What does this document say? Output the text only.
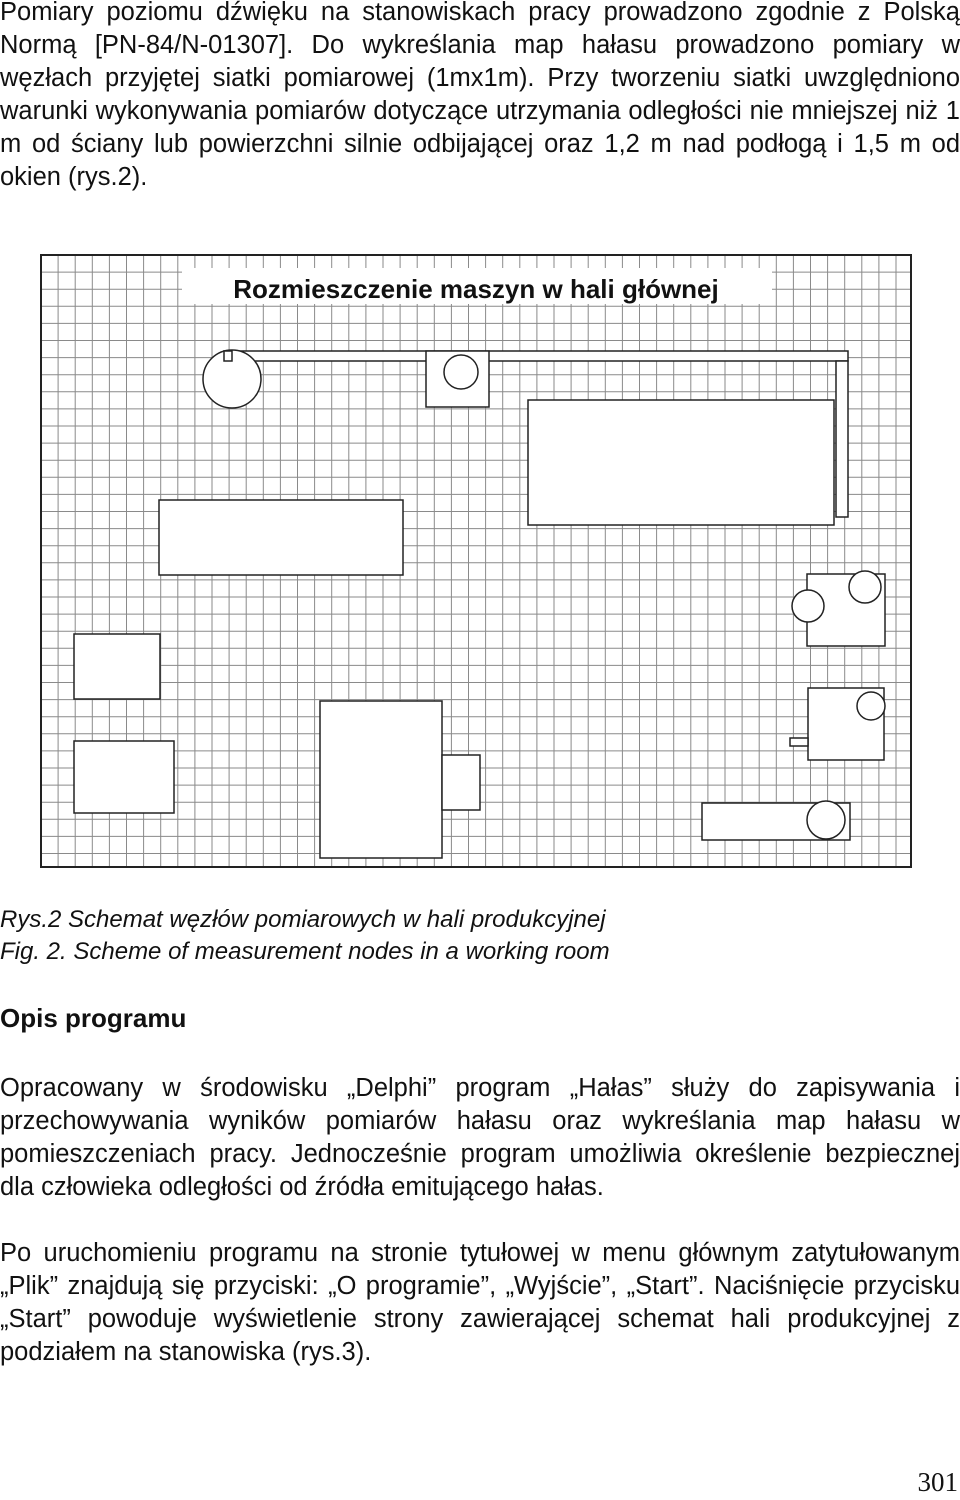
Pomiary poziomu dźwięku na stanowiskach pracy prowadzono zgodnie z Polską Normą [PN-84/N-01307]. Do wykreślania map hałasu prowadzono pomiary w węzłach przyjętej siatki pomiarowej (1mx1m). Przy tworzeniu siatki uwzględniono warunki wykonywania pomiarów dotyczące utrzymania odległości nie mniejszej niż 1 m od ściany lub powierzchni silnie odbijającej oraz 1,2 m nad podłogą i 1,5 m od okien (rys.2).

Rozmieszczenie maszyn w hali głównej

Rys.2 Schemat węzłów pomiarowych w hali produkcyjnej

Fig. 2. Scheme of measurement nodes in a working room

Opis programu

Opracowany w środowisku „Delphi” program „Hałas” służy do zapisywania i przechowywania wyników pomiarów hałasu oraz wykreślania map hałasu w pomieszczeniach pracy. Jednocześnie program umożliwia określenie bezpiecznej dla człowieka odległości od źródła emitującego hałas.

Po uruchomieniu programu na stronie tytułowej w menu głównym zatytułowanym „Plik” znajdują się przyciski: „O programie”, „Wyjście”, „Start”. Naciśnięcie przycisku „Start” powoduje wyświetlenie strony zawierającej schemat hali produkcyjnej z podziałem na stanowiska (rys.3).

301
